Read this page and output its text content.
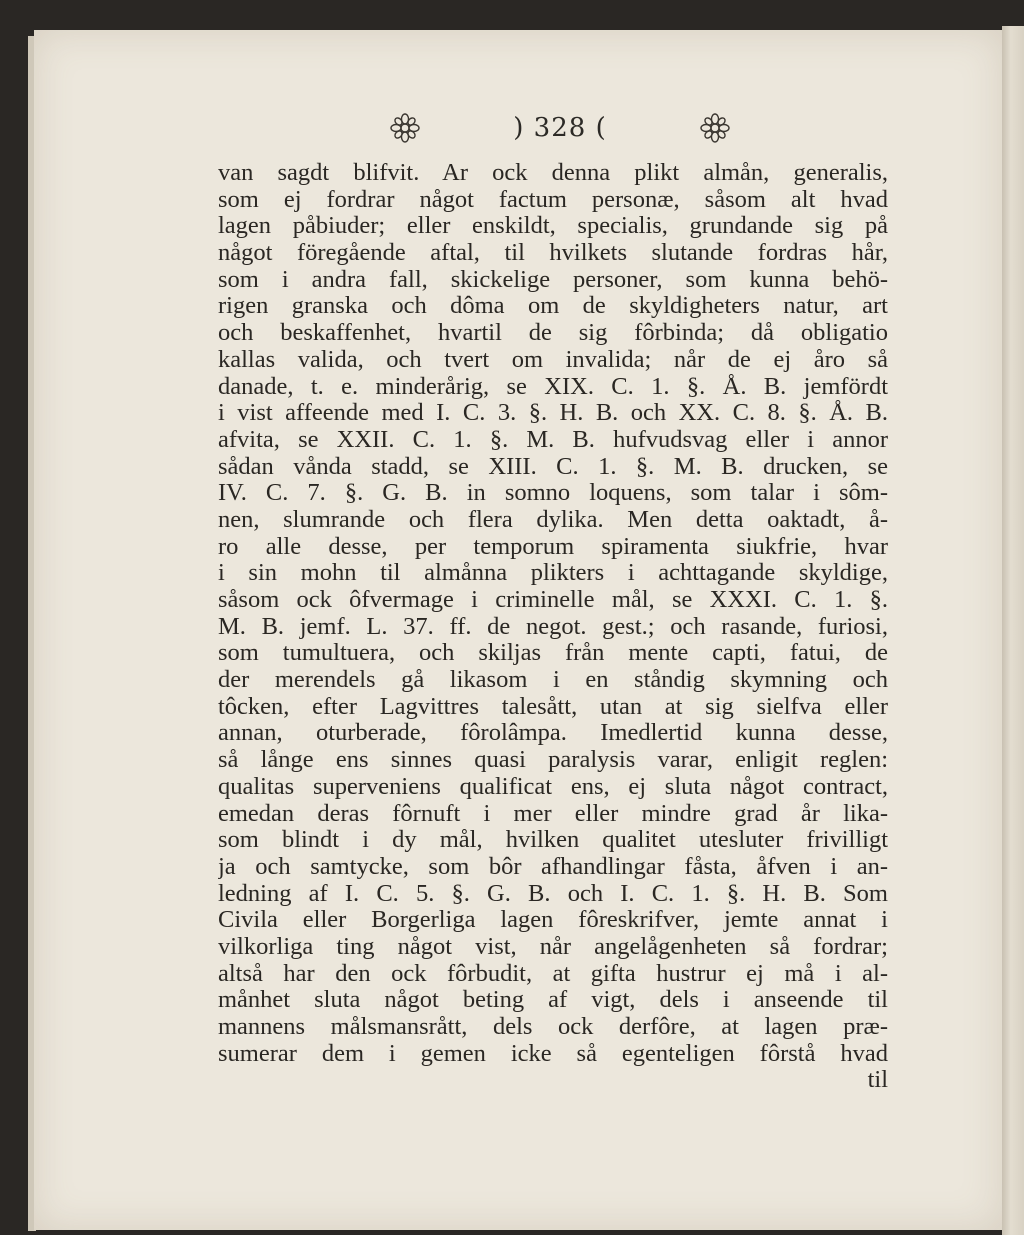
) 328 (
van sagdt blifvit. Ar ock denna plikt almån, generalis,
som ej fordrar något factum personæ, såsom alt hvad
lagen påbiuder; eller enskildt, specialis, grundande sig på
något föregående aftal, til hvilkets slutande fordras hår,
som i andra fall, skickelige personer, som kunna behö-
rigen granska och dôma om de skyldigheters natur, art
och beskaffenhet, hvartil de sig fôrbinda; då obligatio
kallas valida, och tvert om invalida; når de ej åro så
danade, t. e. minderårig, se XIX. C. 1. §. Å. B. jemfördt
i vist affeende med I. C. 3. §. H. B. och XX. C. 8. §. Å. B.
afvita, se XXII. C. 1. §. M. B. hufvudsvag eller i annor
sådan vånda stadd, se XIII. C. 1. §. M. B. drucken, se
IV. C. 7. §. G. B. in somno loquens, som talar i sôm-
nen, slumrande och flera dylika. Men detta oaktadt, å-
ro alle desse, per temporum spiramenta siukfrie, hvar
i sin mohn til almånna plikters i achttagande skyldige,
såsom ock ôfvermage i criminelle mål, se XXXI. C. 1. §.
M. B. jemf. L. 37. ff. de negot. gest.; och rasande, furiosi,
som tumultuera, och skiljas från mente capti, fatui, de
der merendels gå likasom i en ståndig skymning och
tôcken, efter Lagvittres talesått, utan at sig sielfva eller
annan, oturberade, fôrolâmpa. Imedlertid kunna desse,
så långe ens sinnes quasi paralysis varar, enligit reglen:
qualitas superveniens qualificat ens, ej sluta något contract,
emedan deras fôrnuft i mer eller mindre grad år lika-
som blindt i dy mål, hvilken qualitet utesluter frivilligt
ja och samtycke, som bôr afhandlingar fåsta, åfven i an-
ledning af I. C. 5. §. G. B. och I. C. 1. §. H. B. Som
Civila eller Borgerliga lagen fôreskrifver, jemte annat i
vilkorliga ting något vist, når angelågenheten så fordrar;
altså har den ock fôrbudit, at gifta hustrur ej må i al-
månhet sluta något beting af vigt, dels i anseende til
mannens målsmansrått, dels ock derfôre, at lagen præ-
sumerar dem i gemen icke så egenteligen fôrstå hvad
til
